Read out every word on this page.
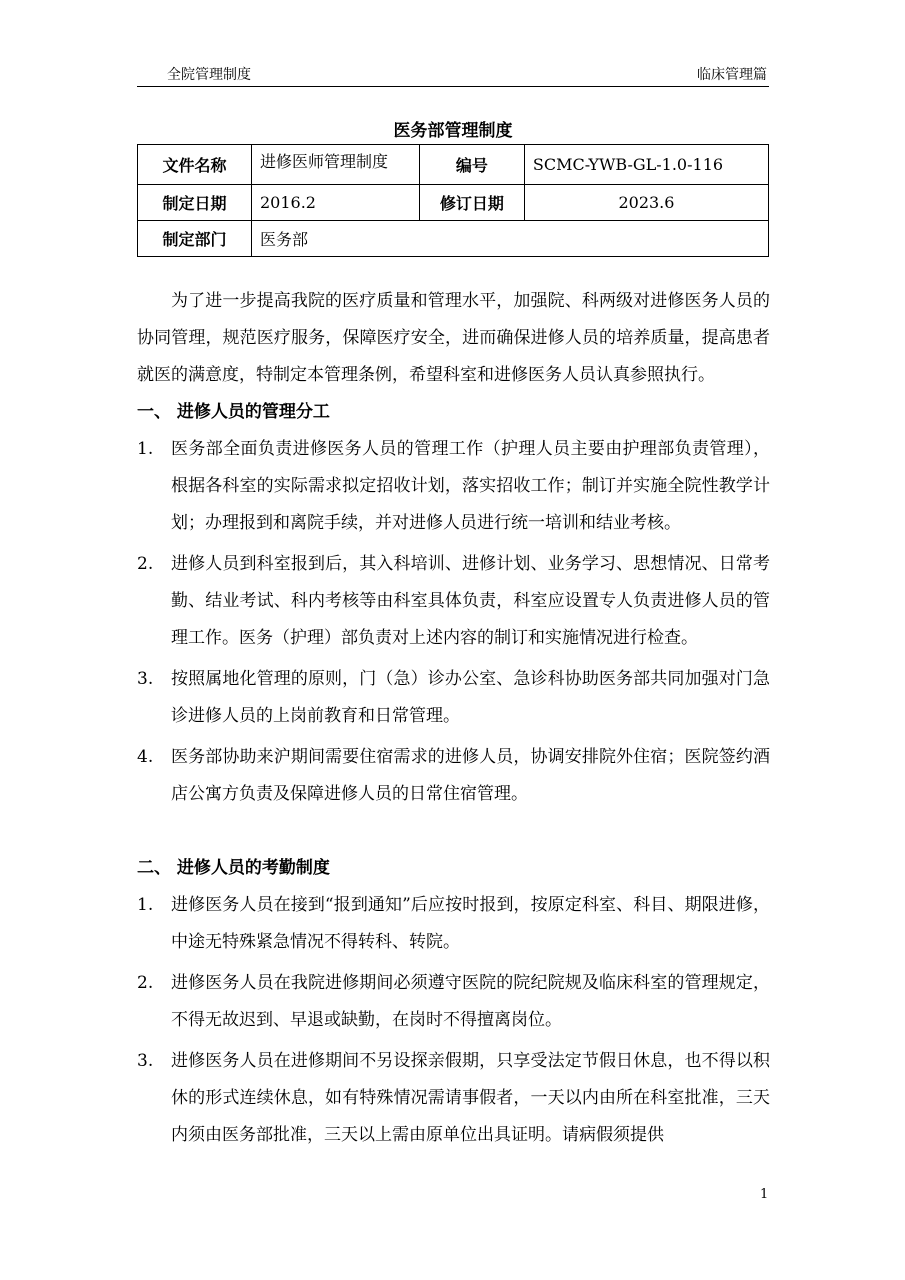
全院管理制度	临床管理篇
医务部管理制度
文件名称	进修医师管理制度	编号	SCMC-YWB-GL-1.0-116
制定日期	2016.2	修订日期	2023.6
制定部门	医务部		

为了进一步提高我院的医疗质量和管理水平，加强院、科两级对进修医务人员的协同管理，规范医疗服务，保障医疗安全，进而确保进修人员的培养质量，提高患者就医的满意度，特制定本管理条例，希望科室和进修医务人员认真参照执行。

一、 进修人员的管理分工

1. 医务部全面负责进修医务人员的管理工作（护理人员主要由护理部负责管理），根据各科室的实际需求拟定招收计划，落实招收工作；制订并实施全院性教学计划；办理报到和离院手续，并对进修人员进行统一培训和结业考核。
2. 进修人员到科室报到后，其入科培训、进修计划、业务学习、思想情况、日常考勤、结业考试、科内考核等由科室具体负责，科室应设置专人负责进修人员的管理工作。医务（护理）部负责对上述内容的制订和实施情况进行检查。
3. 按照属地化管理的原则，门（急）诊办公室、急诊科协助医务部共同加强对门急诊进修人员的上岗前教育和日常管理。
4. 医务部协助来沪期间需要住宿需求的进修人员，协调安排院外住宿；医院签约酒店公寓方负责及保障进修人员的日常住宿管理。

二、 进修人员的考勤制度

1. 进修医务人员在接到“报到通知”后应按时报到，按原定科室、科目、期限进修，中途无特殊紧急情况不得转科、转院。
2. 进修医务人员在我院进修期间必须遵守医院的院纪院规及临床科室的管理规定，不得无故迟到、早退或缺勤，在岗时不得擅离岗位。
3. 进修医务人员在进修期间不另设探亲假期，只享受法定节假日休息，也不得以积休的形式连续休息，如有特殊情况需请事假者，一天以内由所在科室批准，三天内须由医务部批准，三天以上需由原单位出具证明。请病假须提供
1
